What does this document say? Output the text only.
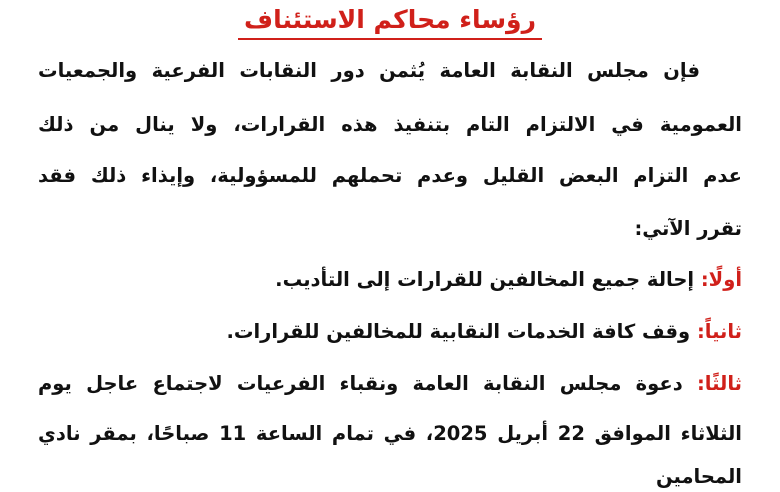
رؤساء محاكم الاستئناف

فإن مجلس النقابة العامة يُثمن دور النقابات الفرعية والجمعيات

العمومية في الالتزام التام بتنفيذ هذه القرارات، ولا ينال من ذلك

عدم التزام البعض القليل وعدم تحملهم للمسؤولية، وإيذاء ذلك فقد

تقرر الآتي:

أولًا: إحالة جميع المخالفين للقرارات إلى التأديب.

ثانياً: وقف كافة الخدمات النقابية للمخالفين للقرارات.

ثالثًا: دعوة مجلس النقابة العامة ونقباء الفرعيات لاجتماع عاجل يوم

الثلاثاء الموافق 22 أبريل 2025، في تمام الساعة 11 صباحًا، بمقر نادي

المحامين
